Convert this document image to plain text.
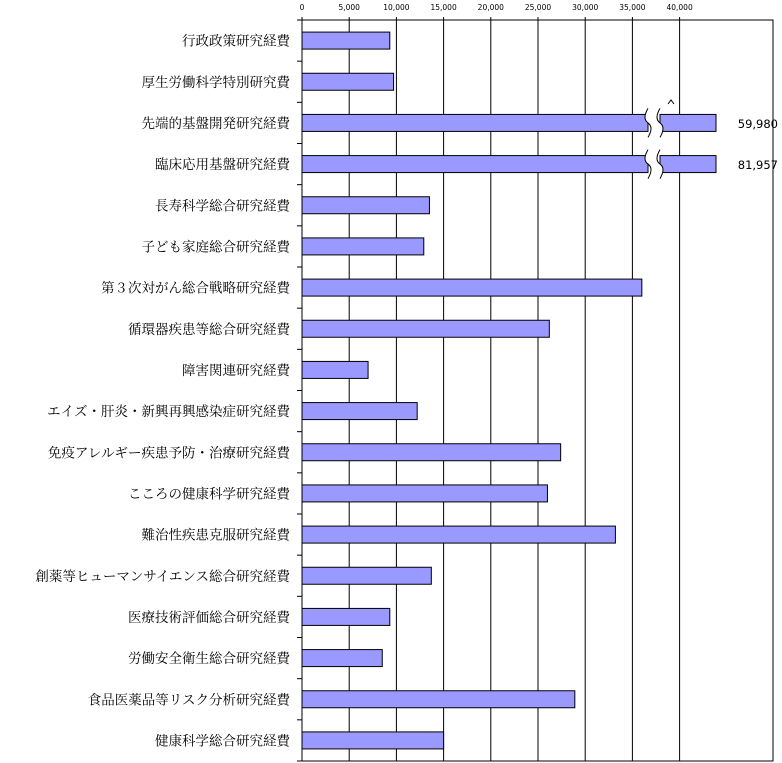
0	5,000	10,000	15,000	20,000	25,000	30,000	35,000	40,000
行政政策研究経費
厚生労働科学特別研究費
先端的基盤開発研究経費	59,980
臨床応用基盤研究経費	81,957
長寿科学総合研究経費
子ども家庭総合研究経費
第３次対がん総合戦略研究経費
循環器疾患等総合研究経費
障害関連研究経費
エイズ・肝炎・新興再興感染症研究経費
免疫アレルギー疾患予防・治療研究経費
こころの健康科学研究経費
難治性疾患克服研究経費
創薬等ヒューマンサイエンス総合研究経費
医療技術評価総合研究経費
労働安全衛生総合研究経費
食品医薬品等リスク分析研究経費
健康科学総合研究経費
